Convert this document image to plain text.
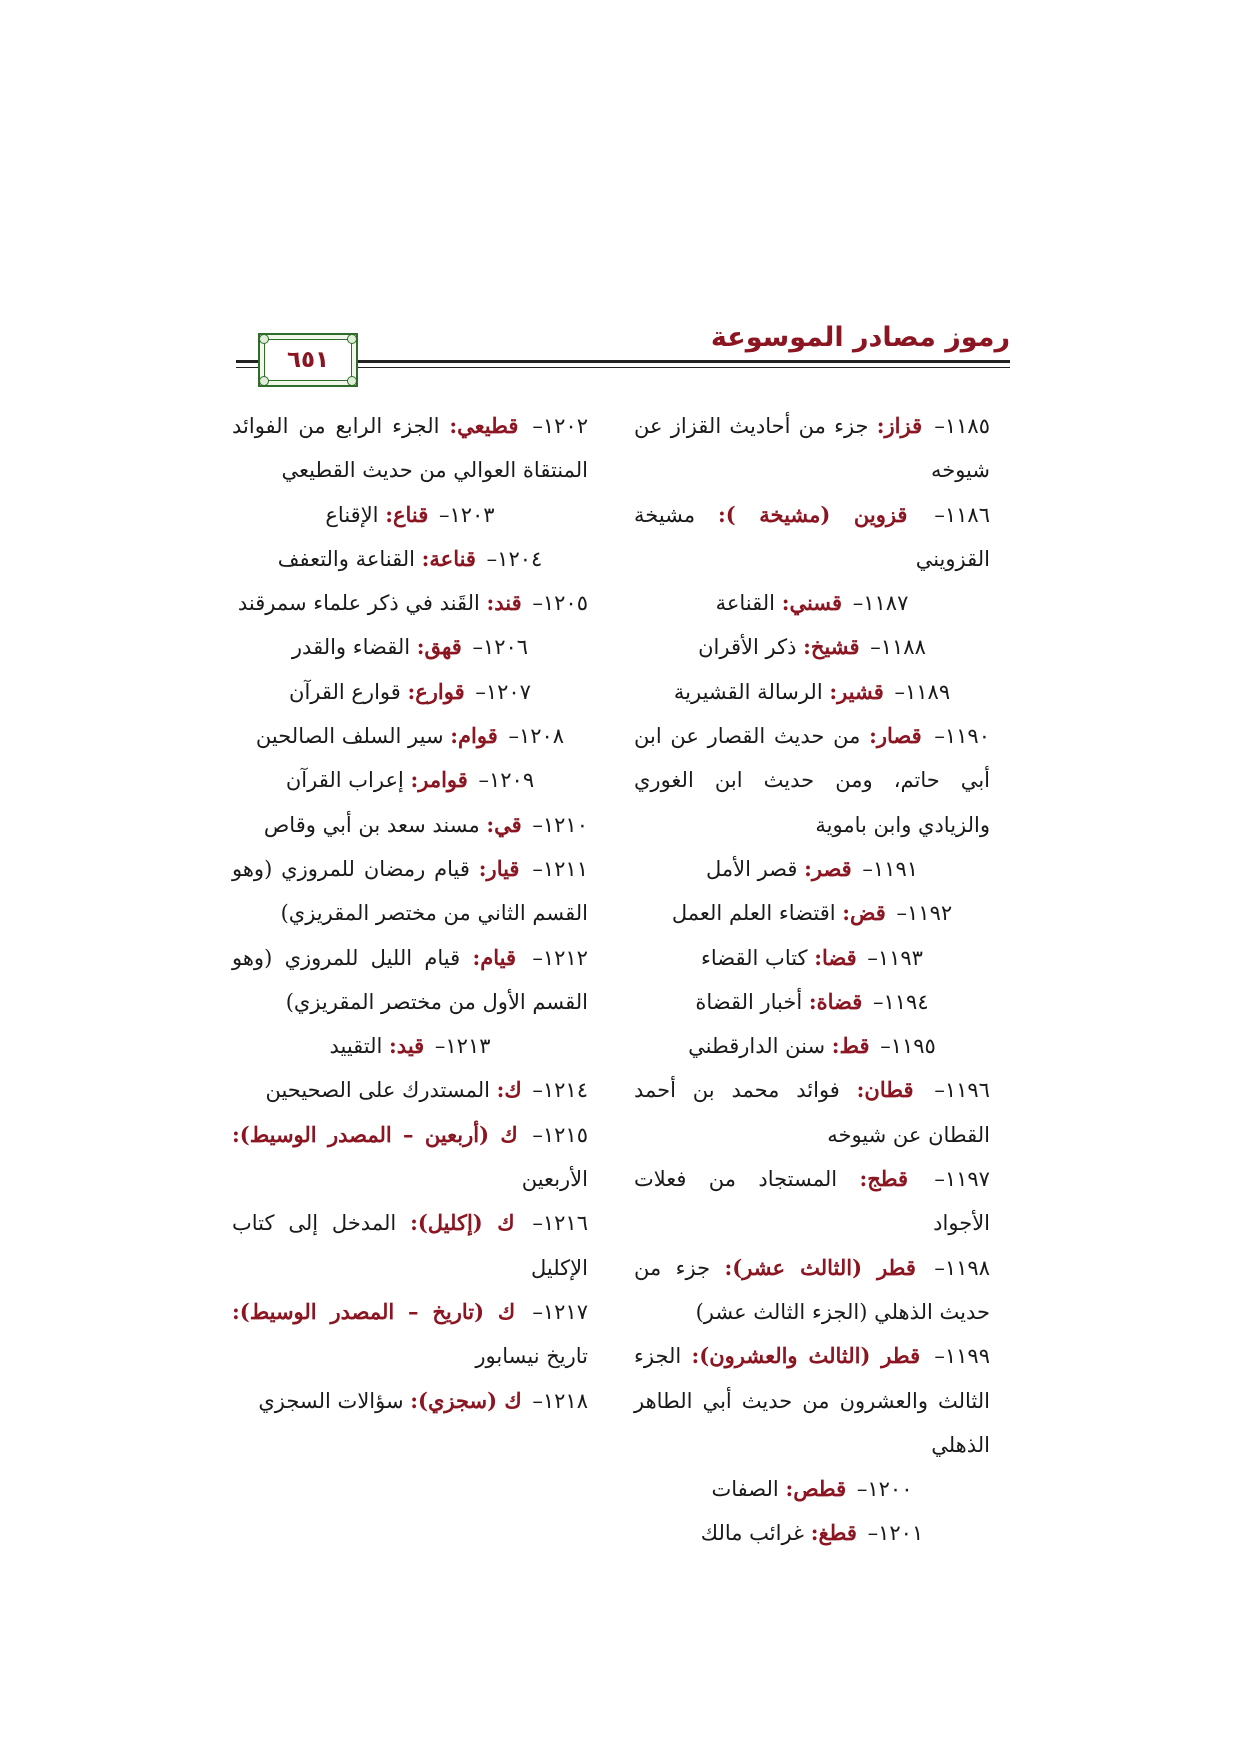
رموز مصادر الموسوعة
٦٥١

١١٨٥– قزاز: جزء من أحاديث القزاز عن شيوخه

١١٨٦– قزوين (مشيخة ): مشيخة القزويني

١١٨٧– قسني: القناعة

١١٨٨– قشيخ: ذكر الأقران

١١٨٩– قشير: الرسالة القشيرية

١١٩٠– قصار: من حديث القصار عن ابن أبي حاتم، ومن حديث ابن الغوري والزيادي وابن باموية

١١٩١– قصر: قصر الأمل

١١٩٢– قض: اقتضاء العلم العمل

١١٩٣– قضا: كتاب القضاء

١١٩٤– قضاة: أخبار القضاة

١١٩٥– قط: سنن الدارقطني

١١٩٦– قطان: فوائد محمد بن أحمد القطان عن شيوخه

١١٩٧– قطج: المستجاد من فعلات الأجواد

١١٩٨– قطر (الثالث عشر): جزء من حديث الذهلي (الجزء الثالث عشر)

١١٩٩– قطر (الثالث والعشرون): الجزء الثالث والعشرون من حديث أبي الطاهر الذهلي

١٢٠٠– قطص: الصفات

١٢٠١– قطغ: غرائب مالك

١٢٠٢– قطيعي: الجزء الرابع من الفوائد المنتقاة العوالي من حديث القطيعي

١٢٠٣– قناع: الإقناع

١٢٠٤– قناعة: القناعة والتعفف

١٢٠٥– قند: القَند في ذكر علماء سمرقند

١٢٠٦– قهق: القضاء والقدر

١٢٠٧– قوارع: قوارع القرآن

١٢٠٨– قوام: سير السلف الصالحين

١٢٠٩– قوامر: إعراب القرآن

١٢١٠– قي: مسند سعد بن أبي وقاص

١٢١١– قيار: قيام رمضان للمروزي (وهو القسم الثاني من مختصر المقريزي)

١٢١٢– قيام: قيام الليل للمروزي (وهو القسم الأول من مختصر المقريزي)

١٢١٣– قيد: التقييد

١٢١٤– ك: المستدرك على الصحيحين

١٢١٥– ك (أربعين – المصدر الوسيط): الأربعين

١٢١٦– ك (إكليل): المدخل إلى كتاب الإكليل

١٢١٧– ك (تاريخ – المصدر الوسيط): تاريخ نيسابور

١٢١٨– ك (سجزي): سؤالات السجزي
